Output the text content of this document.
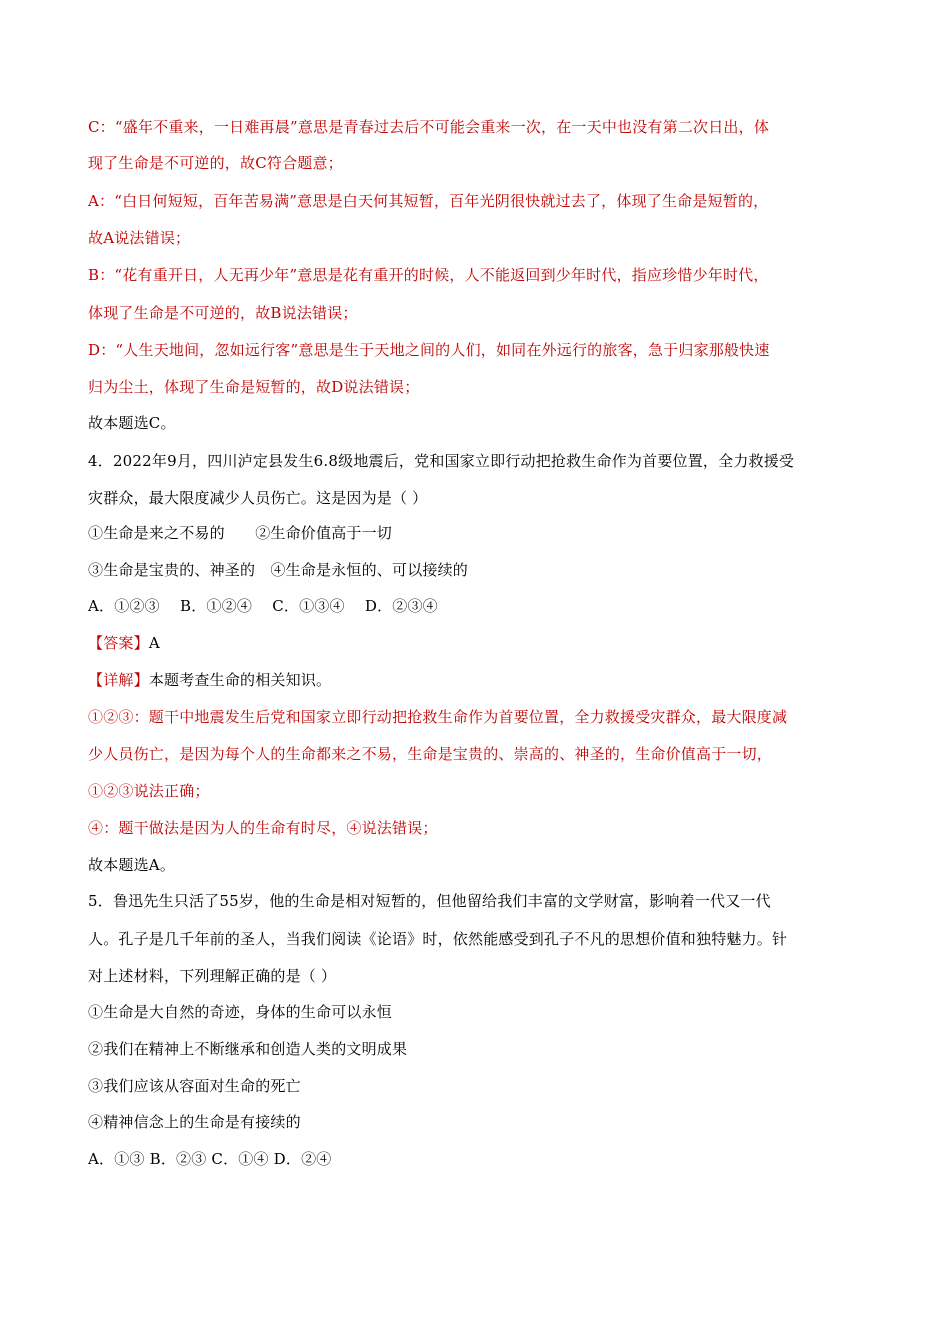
C：“盛年不重来，一日难再晨”意思是青春过去后不可能会重来一次，在一天中也没有第二次日出，体
现了生命是不可逆的，故C符合题意；
A：“白日何短短，百年苦易满”意思是白天何其短暂，百年光阴很快就过去了，体现了生命是短暂的，
故A说法错误；
B：“花有重开日，人无再少年”意思是花有重开的时候，人不能返回到少年时代，指应珍惜少年时代，
体现了生命是不可逆的，故B说法错误；
D：“人生天地间，忽如远行客”意思是生于天地之间的人们，如同在外远行的旅客，急于归家那般快速
归为尘土，体现了生命是短暂的，故D说法错误；
故本题选C。
4．2022年9月，四川泸定县发生6.8级地震后，党和国家立即行动把抢救生命作为首要位置，全力救援受
灾群众，最大限度减少人员伤亡。这是因为是（ ）
①生命是来之不易的　　②生命价值高于一切
③生命是宝贵的、神圣的　④生命是永恒的、可以接续的
A．①②③　 B．①②④　 C．①③④　 D．②③④
【答案】A
【详解】本题考查生命的相关知识。
①②③：题干中地震发生后党和国家立即行动把抢救生命作为首要位置，全力救援受灾群众，最大限度减
少人员伤亡，是因为每个人的生命都来之不易，生命是宝贵的、崇高的、神圣的，生命价值高于一切，
①②③说法正确；
④：题干做法是因为人的生命有时尽，④说法错误；
故本题选A。
5．鲁迅先生只活了55岁，他的生命是相对短暂的，但他留给我们丰富的文学财富，影响着一代又一代
人。孔子是几千年前的圣人，当我们阅读《论语》时，依然能感受到孔子不凡的思想价值和独特魅力。针
对上述材料，下列理解正确的是（ ）
①生命是大自然的奇迹，身体的生命可以永恒
②我们在精神上不断继承和创造人类的文明成果
③我们应该从容面对生命的死亡
④精神信念上的生命是有接续的
A．①③ B．②③ C．①④ D．②④
